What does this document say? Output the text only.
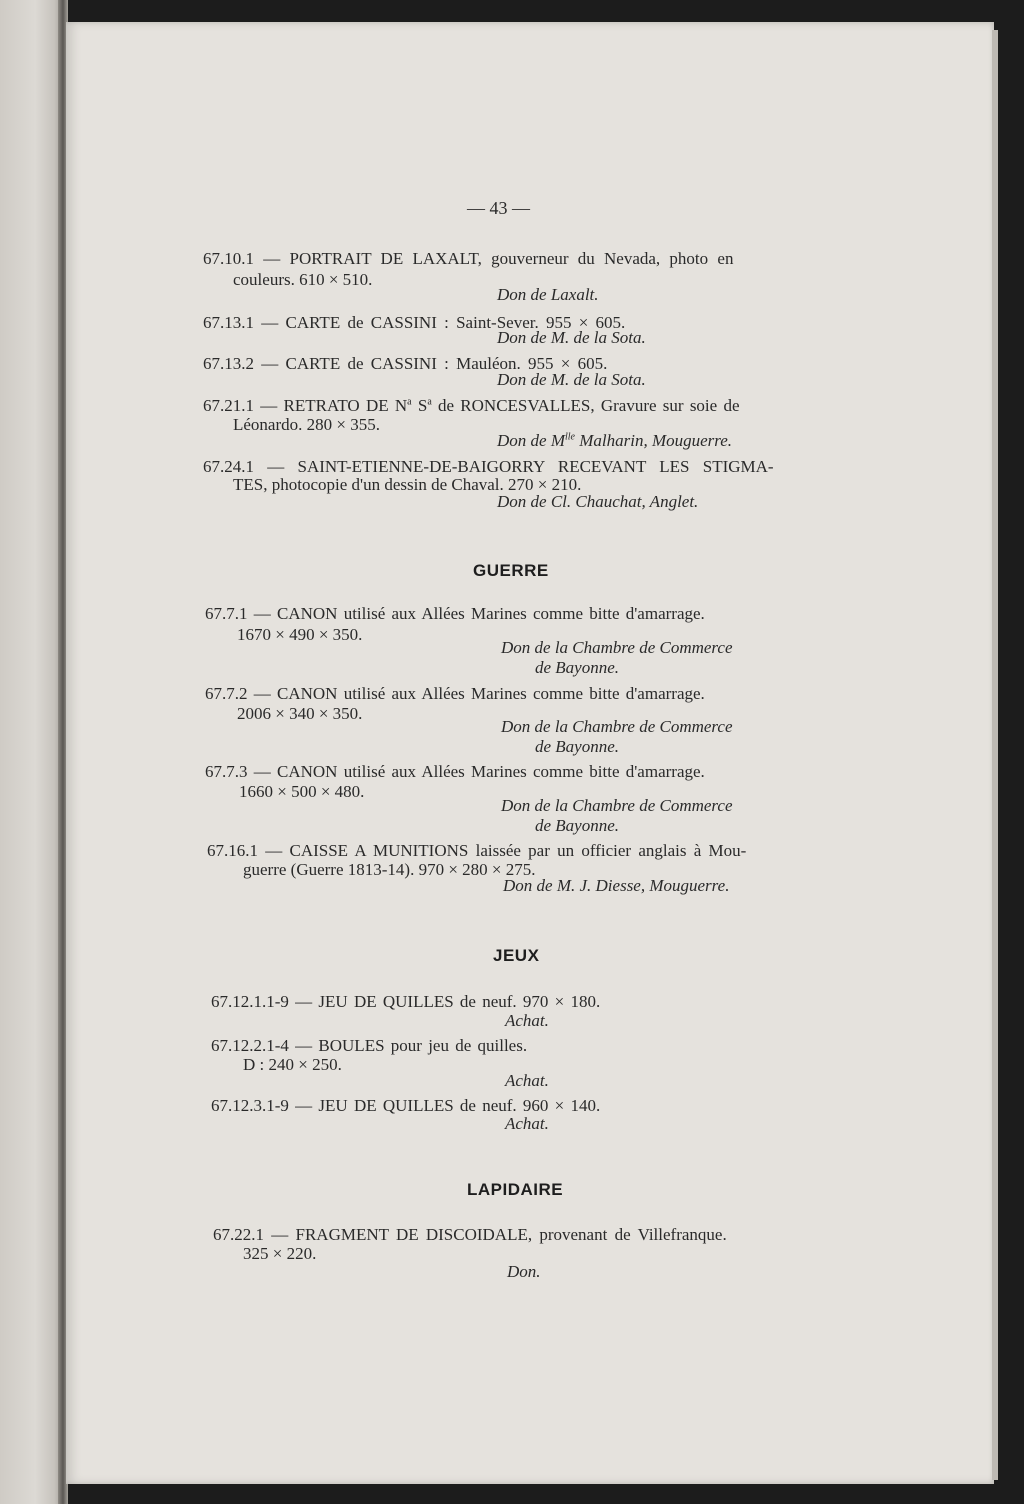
— 43 —
67.10.1 — PORTRAIT DE LAXALT, gouverneur du Nevada, photo en
couleurs. 610 × 510.
Don de Laxalt.
67.13.1 — CARTE de CASSINI : Saint-Sever. 955 × 605.
Don de M. de la Sota.
67.13.2 — CARTE de CASSINI : Mauléon. 955 × 605.
Don de M. de la Sota.
67.21.1 — RETRATO DE $N^a$ $S^a$ de RONCESVALLES, Gravure sur soie de
Léonardo. 280 × 355.
Don de $M^{lle}$ Malharin, Mouguerre.
67.24.1 — SAINT-ETIENNE-DE-BAIGORRY RECEVANT LES STIGMA-
TES, photocopie d'un dessin de Chaval. 270 × 210.
Don de Cl. Chauchat, Anglet.
GUERRE
67.7.1 — CANON utilisé aux Allées Marines comme bitte d'amarrage.
1670 × 490 × 350.
Don de la Chambre de Commerce
de Bayonne.
67.7.2 — CANON utilisé aux Allées Marines comme bitte d'amarrage.
2006 × 340 × 350.
Don de la Chambre de Commerce
de Bayonne.
67.7.3 — CANON utilisé aux Allées Marines comme bitte d'amarrage.
1660 × 500 × 480.
Don de la Chambre de Commerce
de Bayonne.
67.16.1 — CAISSE A MUNITIONS laissée par un officier anglais à Mou-
guerre (Guerre 1813-14). 970 × 280 × 275.
Don de M. J. Diesse, Mouguerre.
JEUX
67.12.1.1-9 — JEU DE QUILLES de neuf. 970 × 180.
Achat.
67.12.2.1-4 — BOULES pour jeu de quilles.
D : 240 × 250.
Achat.
67.12.3.1-9 — JEU DE QUILLES de neuf. 960 × 140.
Achat.
LAPIDAIRE
67.22.1 — FRAGMENT DE DISCOIDALE, provenant de Villefranque.
325 × 220.
Don.
